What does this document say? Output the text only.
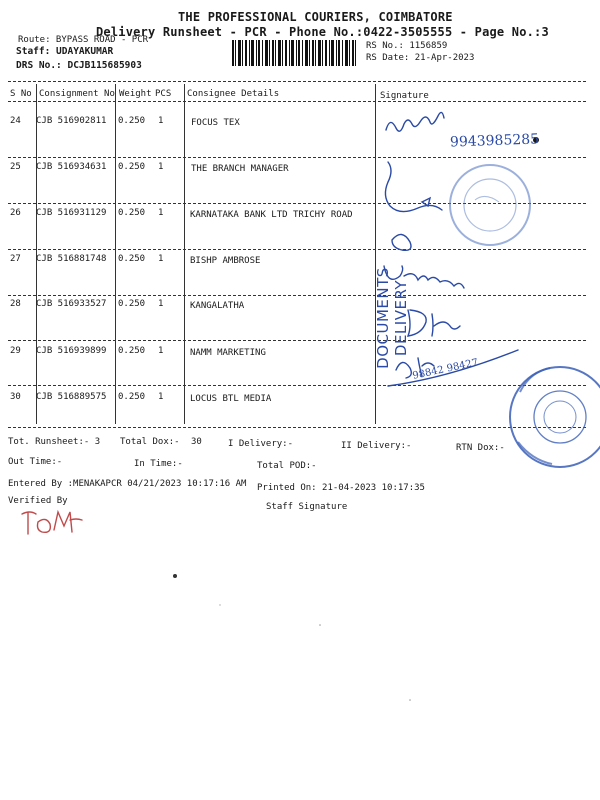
THE PROFESSIONAL COURIERS, COIMBATORE
Delivery Runsheet - PCR - Phone No.:0422-3505555 - Page No.:3
Route: BYPASS ROAD - PCR
Staff: UDAYAKUMAR
DRS No.: DCJB115685903
RS No.: 1156859
RS Date: 21-Apr-2023
S No Consignment No Weight PCS Consignee Details	Signature
24 CJB 516902811 0.250 1	FOCUS TEX
25 CJB 516934631 0.250 1	THE BRANCH MANAGER
26 CJB 516931129 0.250 1	KARNATAKA BANK LTD TRICHY ROAD
27 CJB 516881748 0.250 1	BISHP AMBROSE
28 CJB 516933527 0.250 1	KANGALATHA
29 CJB 516939899 0.250 1	NAMM MARKETING
30 CJB 516889575 0.250 1	LOCUS BTL MEDIA
DOCUMENTS DELIVERY
9943985285
98842 98427
Tot. Runsheet:- 3 Total Dox:- 30	I Delivery:-	II Delivery:-	RTN Dox:-
Out Time:-	In Time:-	Total POD:-
Entered By :MENAKAPCR 04/21/2023 10:17:16 AM Printed On: 21-04-2023 10:17:35
Verified By
Staff Signature
